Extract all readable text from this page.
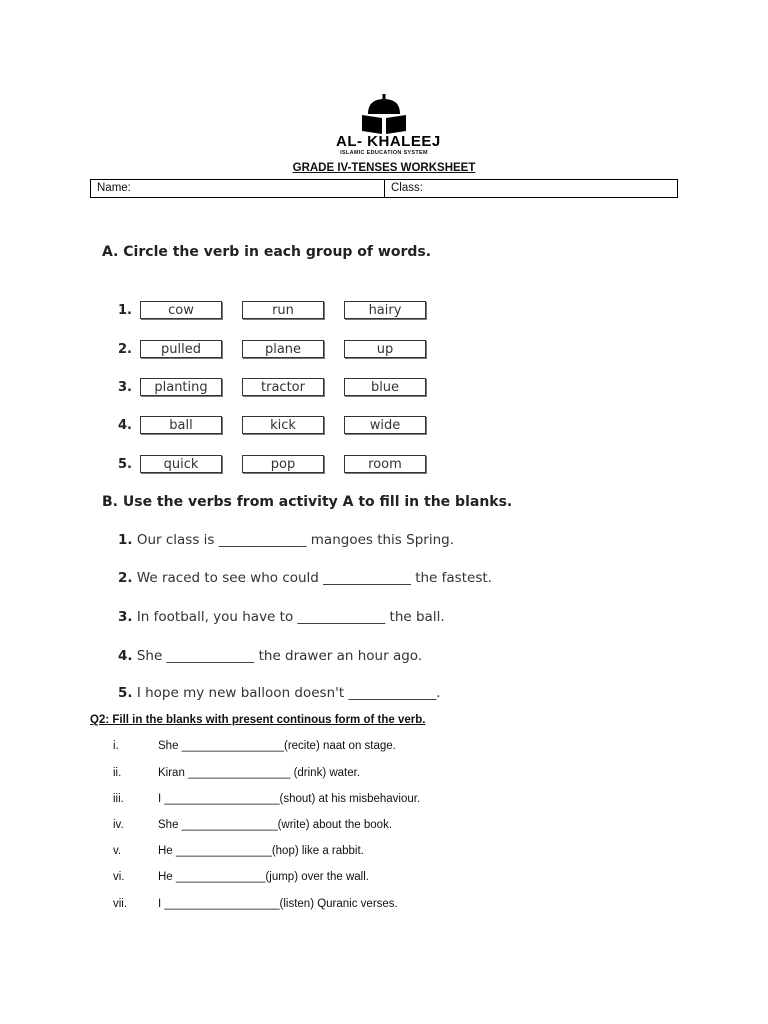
AL- KHALEEJ
ISLAMIC EDUCATION SYSTEM
GRADE IV-TENSES WORKSHEET
Name:	Class:
A. Circle the verb in each group of words.
1.	cow	run	hairy
2.	pulled	plane	up
3.	planting	tractor	blue
4.	ball	kick	wide
5.	quick	pop	room
B. Use the verbs from activity A to fill in the blanks.
1. Our class is _____________ mangoes this Spring.
2. We raced to see who could _____________ the fastest.
3. In football, you have to _____________ the ball.
4. She _____________ the drawer an hour ago.
5. I hope my new balloon doesn't _____________.
Q2: Fill in the blanks with present continous form of the verb.
i.	She ________________(recite) naat on stage.
ii.	Kiran ________________ (drink) water.
iii.	I __________________(shout) at his misbehaviour.
iv.	She _______________(write) about the book.
v.	He _______________(hop) like a rabbit.
vi.	He ______________(jump) over the wall.
vii.	I __________________(listen) Quranic verses.
